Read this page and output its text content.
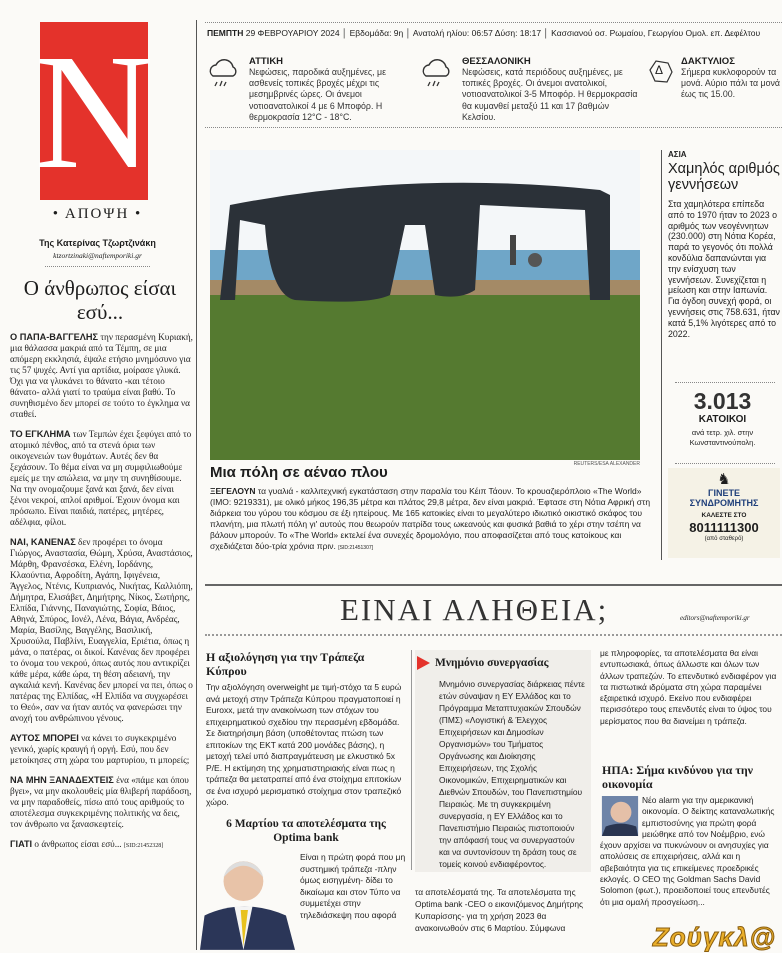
N
• ΑΠΟΨΗ •
Της Κατερίνας Τζωρτζινάκη
ktzortzinaki@naftemporiki.gr
Ο άνθρωπος είσαι εσύ...

Ο ΠΑΠΑ-ΒΑΓΓΕΛΗΣ την περασμένη Κυριακή, μια θάλασσα μακριά από τα Τέμπη, σε μια απόμερη εκκλησιά, έψαλε ετήσιο μνημόσυνο για τις 57 ψυχές. Αντί για αρτίδια, μοίρασε γλυκά. Όχι για να γλυκάνει το θάνατο -και τέτοιο θάνατο- αλλά γιατί το τραύμα είναι βαθύ. Το συνηθισμένο δεν μπορεί σε τούτο το έγκλημα να σταθεί.

ΤΟ ΕΓΚΛΗΜΑ των Τεμπών έχει ξεφύγει από το ατομικό πένθος, από τα στενά όρια των οικογενειών των θυμάτων. Αυτές δεν θα ξεχάσουν. Το θέμα είναι να μη συμφιλιωθούμε εμείς με την απώλεια, να μην τη συνηθίσουμε. Να την ονομαζουμε ξανά και ξανά, δεν είναι ξένοι νεκροί, απλοί αριθμοί. Έχουν όνομα και πρόσωπο. Είναι παιδιά, πατέρες, μητέρες, αδέλφια, φίλοι.

ΝΑΙ, ΚΑΝΕΝΑΣ δεν προφέρει το όνομα Γιώργος, Αναστασία, Θώμη, Χρύσα, Αναστάσιος, Μάρθη, Φρανσέσκα, Ελένη, Ιορδάνης, Κλαούντια, Αφροδίτη, Αγάπη, Ιφιγένεια, Άγγελος, Ντένις, Κυπριανός, Νικήτας, Καλλιόπη, Δήμητρα, Ελισάβετ, Δημήτρης, Νίκος, Σωτήρης, Ελπίδα, Γιάννης, Παναγιώτης, Σοφία, Βάιος, Αθηνά, Σπύρος, Ιονέλ, Λένα, Βάγια, Ανδρέας, Μαρία, Βασίλης, Βαγγέλης, Βασιλική, Χρυσούλα, Παβλίνι, Ευαγγελία, Εριέτια, όπως η μάνα, ο πατέρας, οι δικοί. Κανένας δεν προφέρει το όνομα του νεκρού, όπως αυτός που αντικρίζει κάθε μέρα, κάθε ώρα, τη θέση αδειανή, την αγκαλιά κενή. Κανένας δεν μπορεί να πει, όπως ο πατέρας της Ελπίδας, «Η Ελπίδα να συγχωρέσει το Θεό», σαν να ήταν αυτός να φανερώσει την ανοχή του ανθρώπινου γένους.

ΑΥΤΟΣ ΜΠΟΡΕΙ να κάνει το συγκεκριμένο γενικό, χωρίς κραυγή ή οργή. Εσύ, που δεν μετοίκησες στη χώρα του μαρτυρίου, τι μπορείς;

ΝΑ ΜΗΝ ΞΑΝΑΔΕΧΤΕΙΣ ένα «πάμε και όπου βγει», να μην ακολουθείς μία θλιβερή παράδοση, να μην παραδοθείς, πίσω από τους αριθμούς το αποτέλεσμα συγκεκριμένης πολιτικής να δεις, τον άνθρωπο να ξανασκεφτείς.

ΓΙΑΤΙ ο άνθρωπος είσαι εσύ... [SID:21452328]

ΠΕΜΠΤΗ 29 ΦΕΒΡΟΥΑΡΙΟΥ 2024 │ Εβδομάδα: 9η │ Ανατολή ηλίου: 06:57 Δύση: 18:17 │ Κασσιανού οσ. Ρωμαίου, Γεωργίου Ομολ. επ. Δεφέλτου
ΑΤΤΙΚΗ
Νεφώσεις, παροδικά αυξημένες, με ασθενείς τοπικές βροχές μέχρι τις μεσημβρινές ώρες. Οι άνεμοι νοτιοανατολικοί 4 με 6 Μποφόρ. Η θερμοκρασία 12°C - 18°C.
ΘΕΣΣΑΛΟΝΙΚΗ
Νεφώσεις, κατά περιόδους αυξημένες, με τοπικές βροχές. Οι άνεμοι ανατολικοί, νοτιοανατολικοί 3-5 Μποφόρ. Η θερμοκρασία θα κυμανθεί μεταξύ 11 και 17 βαθμών Κελσίου.
Δ
ΔΑΚΤΥΛΙΟΣ
Σήμερα κυκλοφορούν τα μονά. Αύριο πάλι τα μονά έως τις 15.00.
REUTERS/ESA ALEXANDER
Μια πόλη σε αέναο πλου
ΞΕΓΕΛΟΥΝ τα γυαλιά - καλλιτεχνική εγκατάσταση στην παραλία του Κέιπ Τάουν. Το κρουαζιερόπλοιο «The World» (IMO: 9219331), με ολικό μήκος 196,35 μέτρα και πλάτος 29,8 μέτρα, δεν είναι μακριά. Έφτασε στη Νότια Αφρική στη διάρκεια του γύρου του κόσμου σε έξι ηπείρους. Με 165 κατοικίες είναι το μεγαλύτερο ιδιωτικό οικιστικό σκάφος του πλανήτη, μια πλωτή πόλη γι' αυτούς που θεωρούν πατρίδα τους ωκεανούς και φυσικά βαθιά το χέρι στην τσέπη να βάλουν μπορούν. Το «The World» εκτελεί ένα συνεχές δρομολόγιο, που αποφασίζεται από τους κατοίκους και σχεδιάζεται δύο-τρία χρόνια πριν. [SID:21451307]
ΑΣΙΑ
Χαμηλός αριθμός γεννήσεων
Στα χαμηλότερα επίπεδα από το 1970 ήταν το 2023 ο αριθμός των νεογέννητων (230.000) στη Νότια Κορέα, παρά το γεγονός ότι πολλά κονδύλια δαπανώνται για την ενίσχυση των γεννήσεων. Συνεχίζεται η μείωση και στην Ιαπωνία. Για όγδοη συνεχή φορά, οι γεννήσεις στις 758.631, ήταν κατά 5,1% λιγότερες από το 2022.
3.013
ΚΑΤΟΙΚΟΙ
ανά τετρ. χιλ. στην Κωνσταντινούπολη.
♞
ΓΙΝΕΤΕ ΣΥΝΔΡΟΜΗΤΗΣ
ΚΑΛΕΣΤΕ ΣΤΟ
8011111300
(από σταθερό)
ΕΙΝΑΙ ΑΛΗΘΕΙΑ;	editors@naftemporiki.gr
Η αξιολόγηση για την Τράπεζα Κύπρου
Την αξιολόγηση overweight με τιμή-στόχο τα 5 ευρώ ανά μετοχή στην Τράπεζα Κύπρου πραγματοποιεί η Euroxx, μετά την ανακοίνωση των στόχων του επιχειρηματικού σχεδίου την περασμένη εβδομάδα. Σε διατηρήσιμη βάση (υποθέτοντας πτώση των επιτοκίων της ΕΚΤ κατά 200 μονάδες βάσης), η μετοχή τελεί υπό διαπραγμάτευση με ελκυστικό 5x P/E. Η εκτίμηση της χρηματιστηριακής είναι πως η τράπεζα θα μετατραπεί από ένα στοίχημα επιτοκίων σε ένα ισχυρό μερισματικό στοίχημα στον τραπεζικό χώρο.
6 Μαρτίου τα αποτελέσματα της Optima bank
Είναι η πρώτη φορά που μη συστημική τράπεζα -πλην όμως εισηγμένη- δίδει το δικαίωμα και στον Τύπο να συμμετέχει στην τηλεδιάσκεψη που αφορά
Μνημόνιο συνεργασίας
Μνημόνιο συνεργασίας διάρκειας πέντε ετών σύναψαν η ΕΥ Ελλάδος και το Πρόγραμμα Μεταπτυχιακών Σπουδών (ΠΜΣ) «Λογιστική & Έλεγχος Επιχειρήσεων και Δημοσίων Οργανισμών» του Τμήματος Οργάνωσης και Διοίκησης Επιχειρήσεων, της Σχολής Οικονομικών, Επιχειρηματικών και Διεθνών Σπουδών, του Πανεπιστημίου Πειραιώς. Με τη συγκεκριμένη συνεργασία, η ΕΥ Ελλάδος και το Πανεπιστήμιο Πειραιώς πιστοποιούν την απόφασή τους να συνεργαστούν και να συντονίσουν τη δράση τους σε τομείς κοινού ενδιαφέροντος.
τα αποτελέσματά της. Τα αποτελέσματα της Optima bank -CEO ο εικονιζόμενος Δημήτρης Κυπαρίσσης- για τη χρήση 2023 θα ανακοινωθούν στις 6 Μαρτίου. Σύμφωνα
με πληροφορίες, τα αποτελέσματα θα είναι εντυπωσιακά, όπως άλλωστε και όλων των άλλων τραπεζών. Το επενδυτικό ενδιαφέρον για τα πιστωτικά ιδρύματα στη χώρα παραμένει εξαιρετικά ισχυρό. Εκείνο που ενδιαφέρει περισσότερο τους επενδυτές είναι το ύψος του μερίσματος που θα διανείμει η τράπεζα.
ΗΠΑ: Σήμα κινδύνου για την οικονομία
Νέο alarm για την αμερικανική οικονομία. Ο δείκτης καταναλωτικής εμπιστοσύνης για πρώτη φορά μειώθηκε από τον Νοέμβριο, ενώ έχουν αρχίσει να πυκνώνουν οι ανησυχίες για απολύσεις σε επιχειρήσεις, αλλά και η αβεβαιότητα για τις επικείμενες προεδρικές εκλογές. Ο CEO της Goldman Sachs David Solomon (φωτ.), προειδοποιεί τους επενδυτές ότι μια ομαλή προσγείωση...
Ζούγκλ@
